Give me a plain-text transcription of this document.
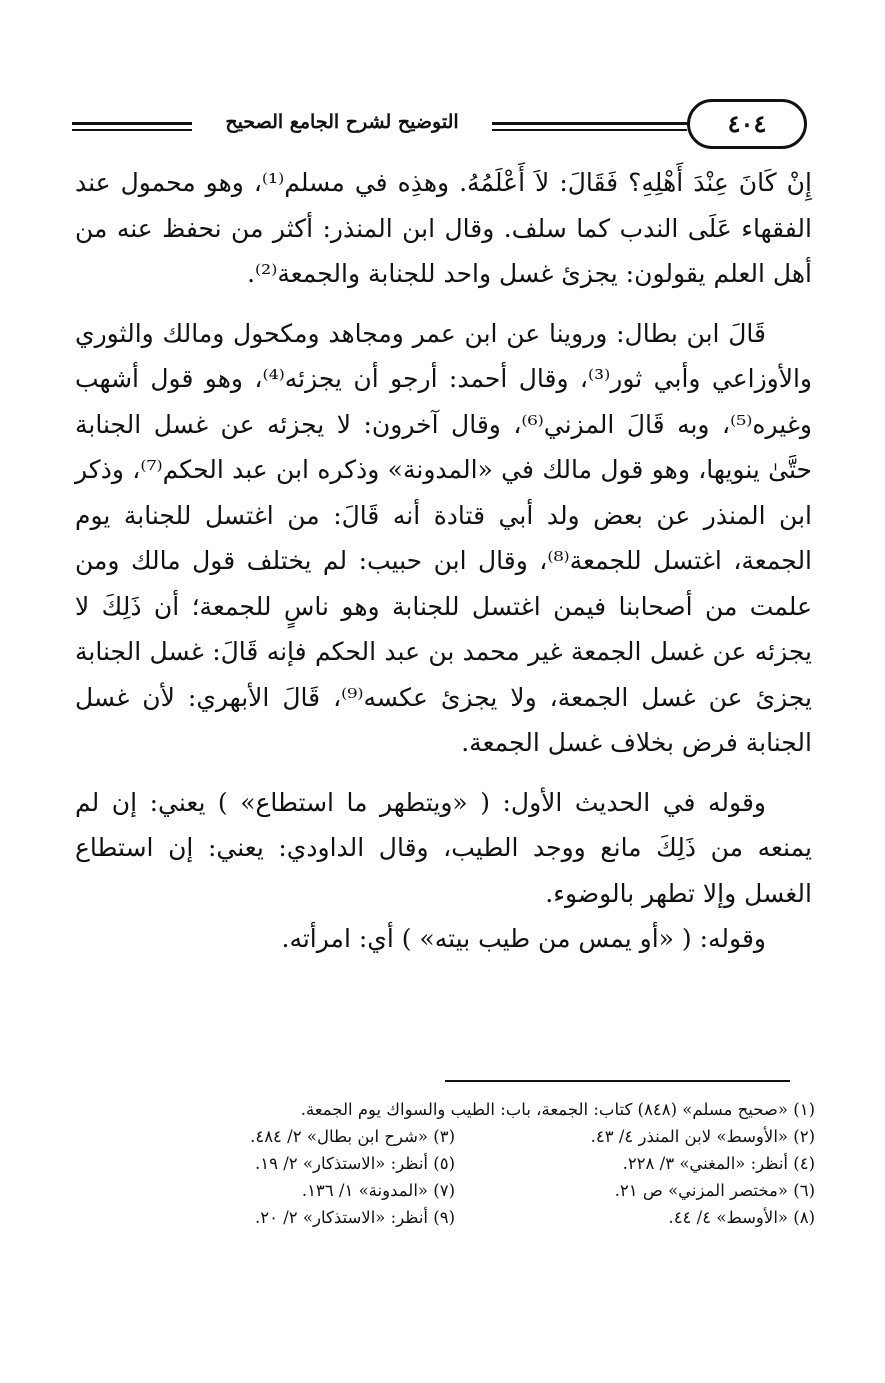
التوضيح لشرح الجامع الصحيح	٤٠٤

إِنْ كَانَ عِنْدَ أَهْلِهِ؟ فَقَالَ: لاَ أَعْلَمُهُ. وهذِه في مسلم⁽¹⁾، وهو محمول عند الفقهاء عَلَى الندب كما سلف. وقال ابن المنذر: أكثر من نحفظ عنه من أهل العلم يقولون: يجزئ غسل واحد للجنابة والجمعة⁽²⁾.

قَالَ ابن بطال: وروينا عن ابن عمر ومجاهد ومكحول ومالك والثوري والأوزاعي وأبي ثور⁽³⁾، وقال أحمد: أرجو أن يجزئه⁽⁴⁾، وهو قول أشهب وغيره⁽⁵⁾، وبه قَالَ المزني⁽⁶⁾، وقال آخرون: لا يجزئه عن غسل الجنابة حتَّىٰ ينويها، وهو قول مالك في «المدونة» وذكره ابن عبد الحكم⁽⁷⁾، وذكر ابن المنذر عن بعض ولد أبي قتادة أنه قَالَ: من اغتسل للجنابة يوم الجمعة، اغتسل للجمعة⁽⁸⁾، وقال ابن حبيب: لم يختلف قول مالك ومن علمت من أصحابنا فيمن اغتسل للجنابة وهو ناسٍ للجمعة؛ أن ذَلِكَ لا يجزئه عن غسل الجمعة غير محمد بن عبد الحكم فإنه قَالَ: غسل الجنابة يجزئ عن غسل الجمعة، ولا يجزئ عكسه⁽⁹⁾، قَالَ الأبهري: لأن غسل الجنابة فرض بخلاف غسل الجمعة.

وقوله في الحديث الأول: ( «ويتطهر ما استطاع» ) يعني: إن لم يمنعه من ذَلِكَ مانع ووجد الطيب، وقال الداودي: يعني: إن استطاع الغسل وإلا تطهر بالوضوء.

وقوله: ( «أو يمس من طيب بيته» ) أي: امرأته.

(١) «صحيح مسلم» (٨٤٨) كتاب: الجمعة، باب: الطيب والسواك يوم الجمعة.
(٢) «الأوسط» لابن المنذر ٤/ ٤٣.
(٣) «شرح ابن بطال» ٢/ ٤٨٤.
(٤) أنظر: «المغني» ٣/ ٢٢٨.
(٥) أنظر: «الاستذكار» ٢/ ١٩.
(٦) «مختصر المزني» ص ٢١.
(٧) «المدونة» ١/ ١٣٦.
(٨) «الأوسط» ٤/ ٤٤.
(٩) أنظر: «الاستذكار» ٢/ ٢٠.
